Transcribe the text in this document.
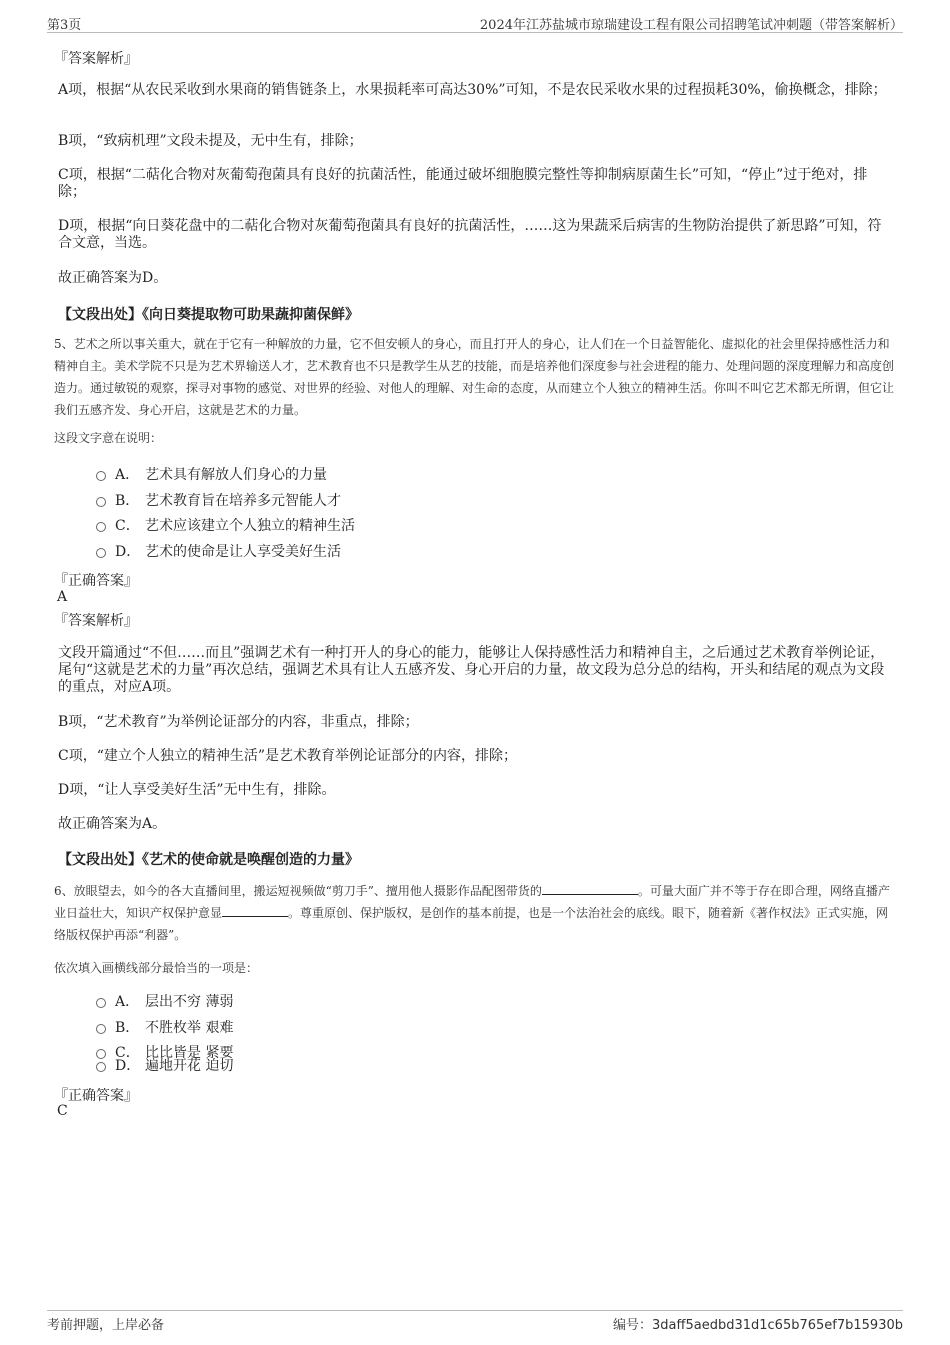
第3页	2024年江苏盐城市琼瑞建设工程有限公司招聘笔试冲刺题（带答案解析）
『答案解析』
A项，根据“从农民采收到水果商的销售链条上，水果损耗率可高达30%”可知，不是农民采收水果的过程损耗30%，偷换概念，排除；
B项，“致病机理”文段未提及，无中生有，排除；
C项，根据“二萜化合物对灰葡萄孢菌具有良好的抗菌活性，能通过破坏细胞膜完整性等抑制病原菌生长”可知，“停止”过于绝对，排除；
D项，根据“向日葵花盘中的二萜化合物对灰葡萄孢菌具有良好的抗菌活性，……这为果蔬采后病害的生物防治提供了新思路”可知，符合文意，当选。
故正确答案为D。
【文段出处】《向日葵提取物可助果蔬抑菌保鲜》
5、艺术之所以事关重大，就在于它有一种解放的力量，它不但安顿人的身心，而且打开人的身心，让人们在一个日益智能化、虚拟化的社会里保持感性活力和精神自主。美术学院不只是为艺术界输送人才，艺术教育也不只是教学生从艺的技能，而是培养他们深度参与社会进程的能力、处理问题的深度理解力和高度创造力。通过敏锐的观察，探寻对事物的感觉、对世界的经验、对他人的理解、对生命的态度，从而建立个人独立的精神生活。你叫不叫它艺术都无所谓，但它让我们五感齐发、身心开启，这就是艺术的力量。
这段文字意在说明：
A． 艺术具有解放人们身心的力量
B． 艺术教育旨在培养多元智能人才
C． 艺术应该建立个人独立的精神生活
D． 艺术的使命是让人享受美好生活
『正确答案』
A
『答案解析』
文段开篇通过“不但……而且”强调艺术有一种打开人的身心的能力，能够让人保持感性活力和精神自主，之后通过艺术教育举例论证，尾句“这就是艺术的力量”再次总结，强调艺术具有让人五感齐发、身心开启的力量，故文段为总分总的结构，开头和结尾的观点为文段的重点，对应A项。
B项，“艺术教育”为举例论证部分的内容，非重点，排除；
C项，“建立个人独立的精神生活”是艺术教育举例论证部分的内容，排除；
D项，“让人享受美好生活”无中生有，排除。
故正确答案为A。
【文段出处】《艺术的使命就是唤醒创造的力量》
6、放眼望去，如今的各大直播间里，搬运短视频做“剪刀手”、擅用他人摄影作品配图带货的	。可量大面广并不等于存在即合理，网络直播产业日益壮大，知识产权保护意显	。尊重原创、保护版权，是创作的基本前提，也是一个法治社会的底线。眼下，随着新《著作权法》正式实施，网络版权保护再添“利器”。
依次填入画横线部分最恰当的一项是：
A． 层出不穷 薄弱
B． 不胜枚举 艰难
C． 比比皆是 紧要
D． 遍地开花 迫切
『正确答案』
C
考前押题，上岸必备	编号：3daff5aedbd31d1c65b765ef7b15930b
